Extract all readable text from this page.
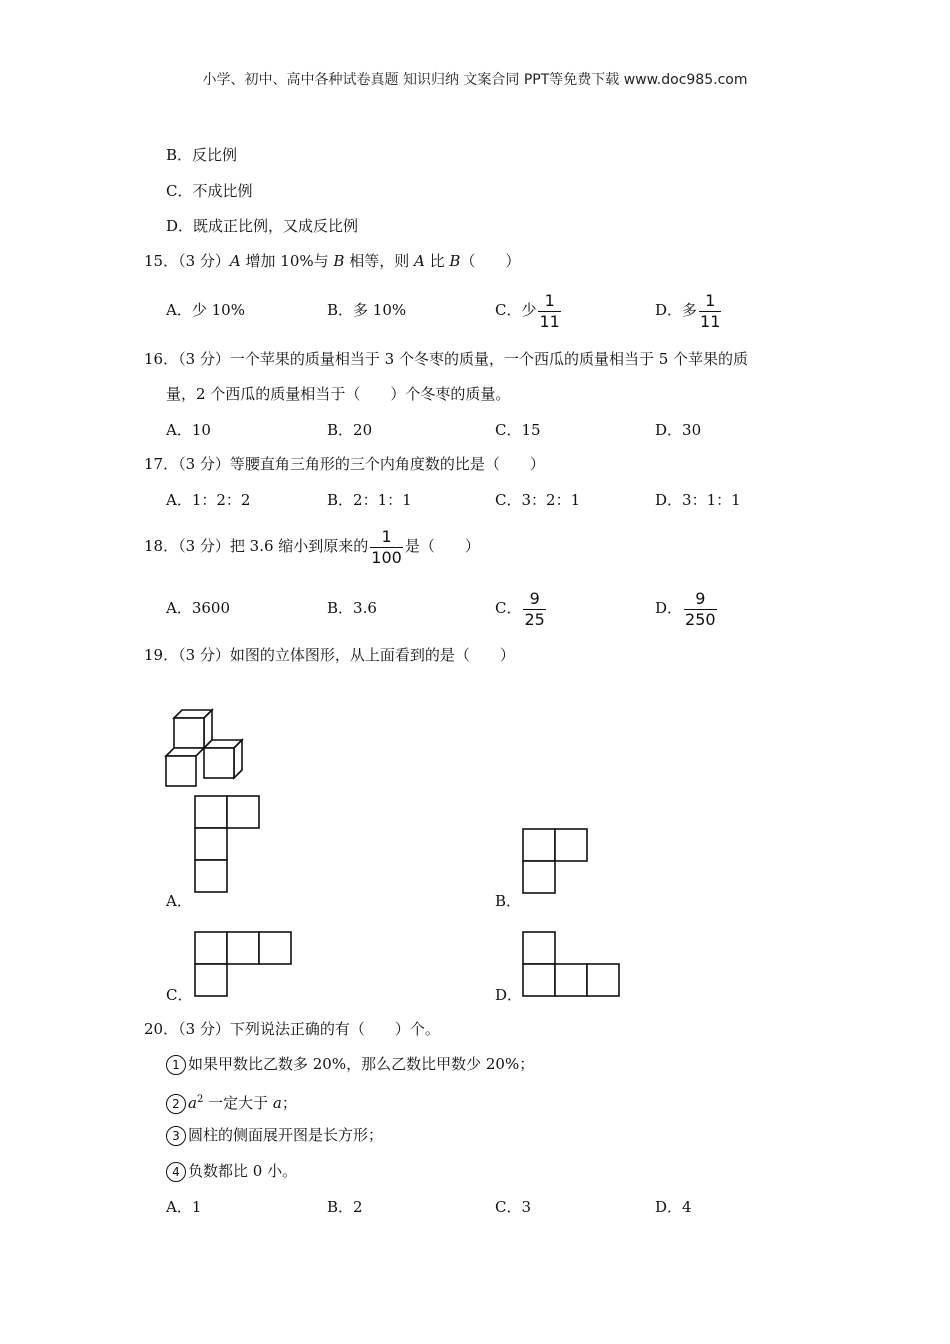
小学、初中、高中各种试卷真题 知识归纳 文案合同 PPT等免费下载 www.doc985.com
B．反比例
C．不成比例
D．既成正比例，又成反比例
15．（3 分）A 增加 10%与 B 相等，则 A 比 B（　　）
A．少 10%	B．多 10%	C．少 $\frac{1}{11}$	D．多 $\frac{1}{11}$
16．（3 分）一个苹果的质量相当于 3 个冬枣的质量，一个西瓜的质量相当于 5 个苹果的质
量，2 个西瓜的质量相当于（　　）个冬枣的质量。
A．10	B．20	C．15	D．30
17．（3 分）等腰直角三角形的三个内角度数的比是（　　）
A．1：2：2	B．2：1：1	C．3：2：1	D．3：1：1
18．（3 分）把 3.6 缩小到原来的 $\frac{1}{100}$ 是（　　）
A．3600	B．3.6	C． $\frac{9}{25}$	D． $\frac{9}{250}$
19．（3 分）如图的立体图形，从上面看到的是（　　）
A．	B．
C．	D．
20．（3 分）下列说法正确的有（　　）个。
1 如果甲数比乙数多 20%，那么乙数比甲数少 20%；
2 $a^2$ 一定大于 a；
3 圆柱的侧面展开图是长方形；
4 负数都比 0 小。
A．1	B．2	C．3	D．4
